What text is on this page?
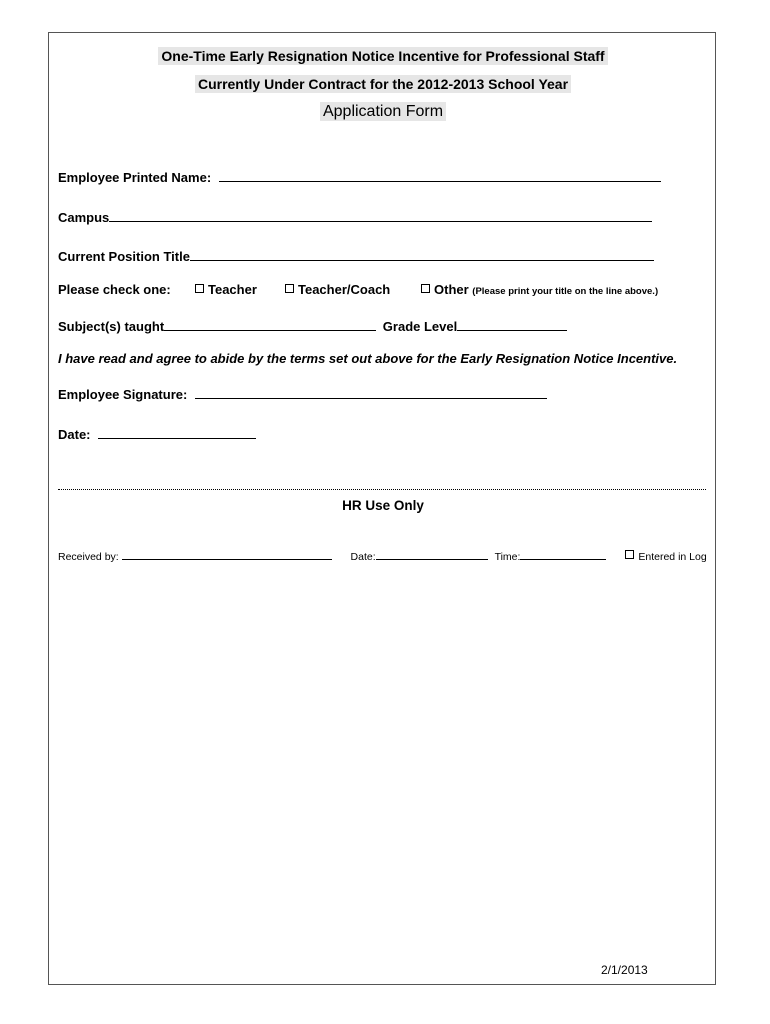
One-Time Early Resignation Notice Incentive for Professional Staff
Currently Under Contract for the 2012-2013 School Year
Application Form
Employee Printed Name:
Campus
Current Position Title
Please check one:	Teacher	Teacher/Coach	Other (Please print your title on the line above.)
Subject(s) taught	Grade Level
I have read and agree to abide by the terms set out above for the Early Resignation Notice Incentive.
Employee Signature:
Date:
HR Use Only
Received by:	Date:	Time:	Entered in Log
2/1/2013
